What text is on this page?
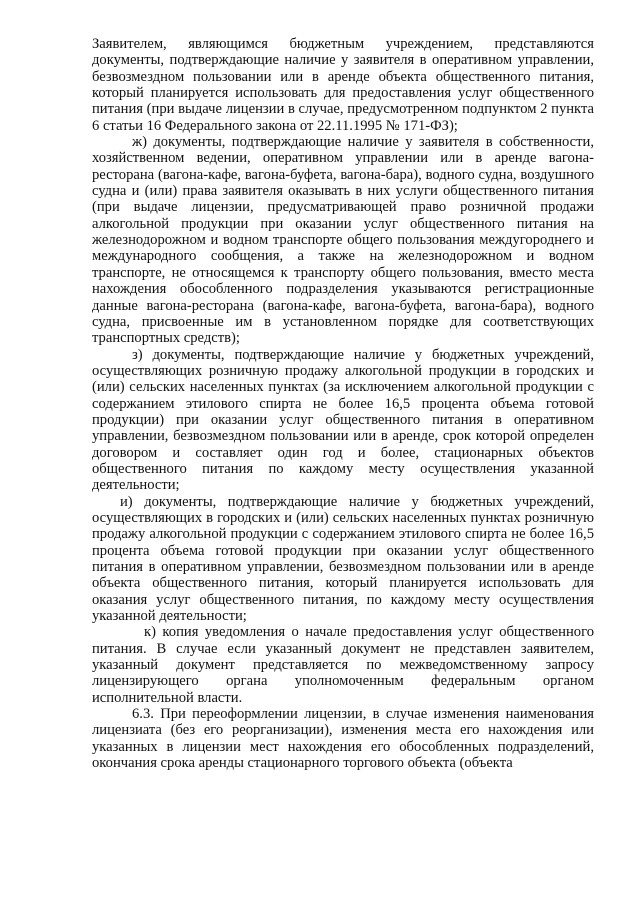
Заявителем, являющимся бюджетным учреждением, представляются документы, подтверждающие наличие у заявителя в оперативном управлении, безвозмездном пользовании или в аренде объекта общественного питания, который планируется использовать для предоставления услуг общественного питания (при выдаче лицензии в случае, предусмотренном подпунктом 2 пункта 6 статьи 16 Федерального закона от 22.11.1995 № 171-ФЗ);

ж) документы, подтверждающие наличие у заявителя в собственности, хозяйственном ведении, оперативном управлении или в аренде вагона-ресторана (вагона-кафе, вагона-буфета, вагона-бара), водного судна, воздушного судна и (или) права заявителя оказывать в них услуги общественного питания (при выдаче лицензии, предусматривающей право розничной продажи алкогольной продукции при оказании услуг общественного питания на железнодорожном и водном транспорте общего пользования междугороднего и международного сообщения, а также на железнодорожном и водном транспорте, не относящемся к транспорту общего пользования, вместо места нахождения обособленного подразделения указываются регистрационные данные вагона-ресторана (вагона-кафе, вагона-буфета, вагона-бара), водного судна, присвоенные им в установленном порядке для соответствующих транспортных средств);

з) документы, подтверждающие наличие у бюджетных учреждений, осуществляющих розничную продажу алкогольной продукции в городских и (или) сельских населенных пунктах (за исключением алкогольной продукции с содержанием этилового спирта не более 16,5 процента объема готовой продукции) при оказании услуг общественного питания в оперативном управлении, безвозмездном пользовании или в аренде, срок которой определен договором и составляет один год и более, стационарных объектов общественного питания по каждому месту осуществления указанной деятельности;

и) документы, подтверждающие наличие у бюджетных учреждений, осуществляющих в городских и (или) сельских населенных пунктах розничную продажу алкогольной продукции с содержанием этилового спирта не более 16,5 процента объема готовой продукции при оказании услуг общественного питания в оперативном управлении, безвозмездном пользовании или в аренде объекта общественного питания, который планируется использовать для оказания услуг общественного питания, по каждому месту осуществления указанной деятельности;

к) копия уведомления о начале предоставления услуг общественного питания. В случае если указанный документ не представлен заявителем, указанный документ представляется по межведомственному запросу лицензирующего органа уполномоченным федеральным органом исполнительной власти.

6.3. При переоформлении лицензии, в случае изменения наименования лицензиата (без его реорганизации), изменения места его нахождения или указанных в лицензии мест нахождения его обособленных подразделений, окончания срока аренды стационарного торгового объекта (объекта
